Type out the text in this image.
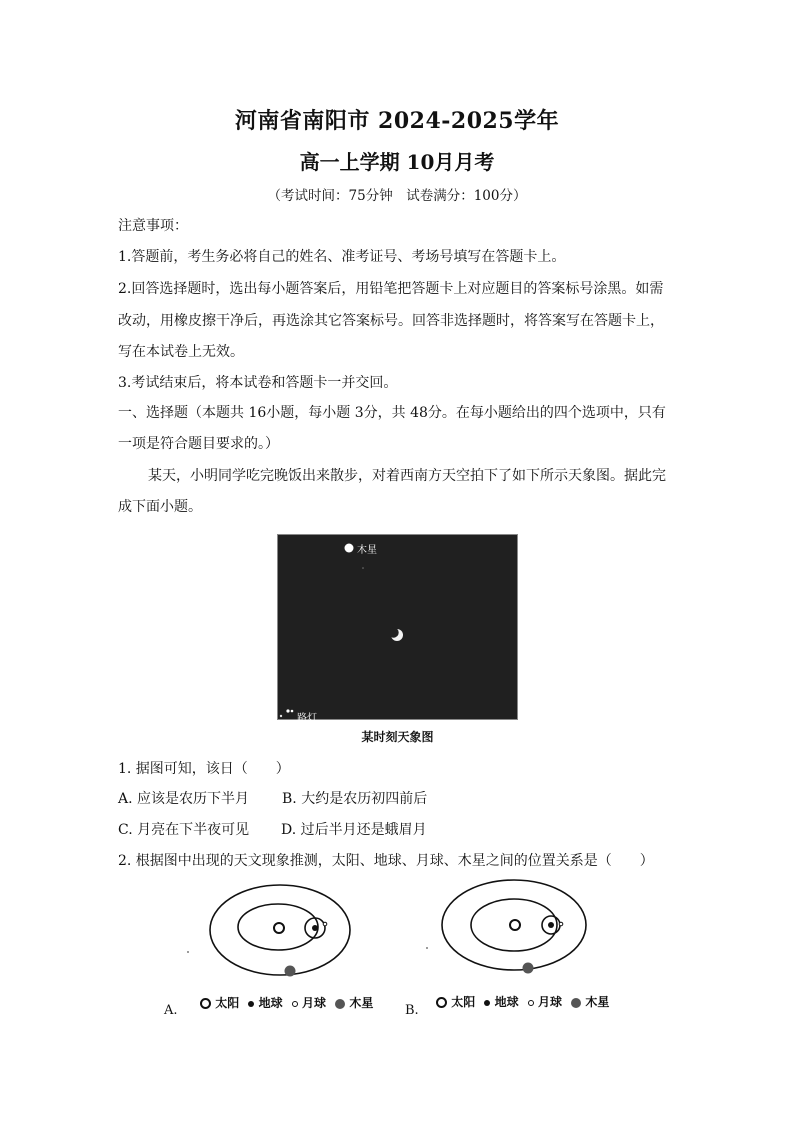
河南省南阳市 2024-2025学年
高一上学期 10月月考
（考试时间：75分钟　试卷满分：100分）
注意事项：
1.答题前，考生务必将自己的姓名、准考证号、考场号填写在答题卡上。
2.回答选择题时，选出每小题答案后，用铅笔把答题卡上对应题目的答案标号涂黑。如需
改动，用橡皮擦干净后，再选涂其它答案标号。回答非选择题时，将答案写在答题卡上，
写在本试卷上无效。
3.考试结束后，将本试卷和答题卡一并交回。
一、选择题（本题共 16小题，每小题 3分，共 48分。在每小题给出的四个选项中，只有
一项是符合题目要求的。）
某天，小明同学吃完晚饭出来散步，对着西南方天空拍下了如下所示天象图。据此完
成下面小题。
木星
路灯
某时刻天象图
1. 据图可知，该日（　　）
A. 应该是农历下半月 B. 大约是农历初四前后
C. 月亮在下半夜可见 D. 过后半月还是蛾眉月
2. 根据图中出现的天文现象推测，太阳、地球、月球、木星之间的位置关系是（　　）
太阳 地球 月球 木星
A.
太阳 地球 月球 木星
B.
